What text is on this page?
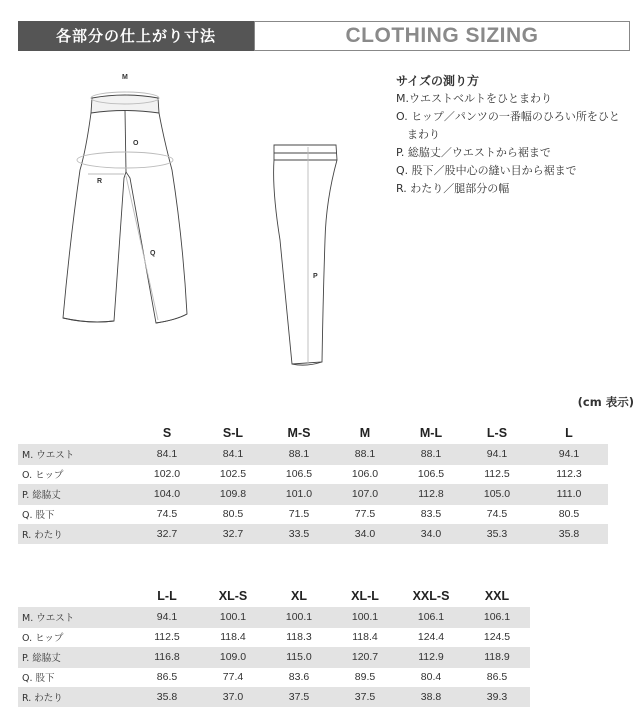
各部分の仕上がり寸法	CLOTHING SIZING
M
O
R
Q
P
サイズの測り方
M.ウエストベルトをひとまわり
O. ヒップ／パンツの一番幅のひろい所をひと
まわり
P. 総脇丈／ウエストから裾まで
Q. 股下／股中心の縫い目から裾まで
R. わたり／腿部分の幅
(cm 表示)
	S	S-L	M-S	M	M-L	L-S	L
M. ウエスト	84.1	84.1	88.1	88.1	88.1	94.1	94.1
O. ヒップ	102.0	102.5	106.5	106.0	106.5	112.5	112.3
P. 総脇丈	104.0	109.8	101.0	107.0	112.8	105.0	111.0
Q. 股下	74.5	80.5	71.5	77.5	83.5	74.5	80.5
R. わたり	32.7	32.7	33.5	34.0	34.0	35.3	35.8
	L-L	XL-S	XL	XL-L	XXL-S	XXL
M. ウエスト	94.1	100.1	100.1	100.1	106.1	106.1
O. ヒップ	112.5	118.4	118.3	118.4	124.4	124.5
P. 総脇丈	116.8	109.0	115.0	120.7	112.9	118.9
Q. 股下	86.5	77.4	83.6	89.5	80.4	86.5
R. わたり	35.8	37.0	37.5	37.5	38.8	39.3
